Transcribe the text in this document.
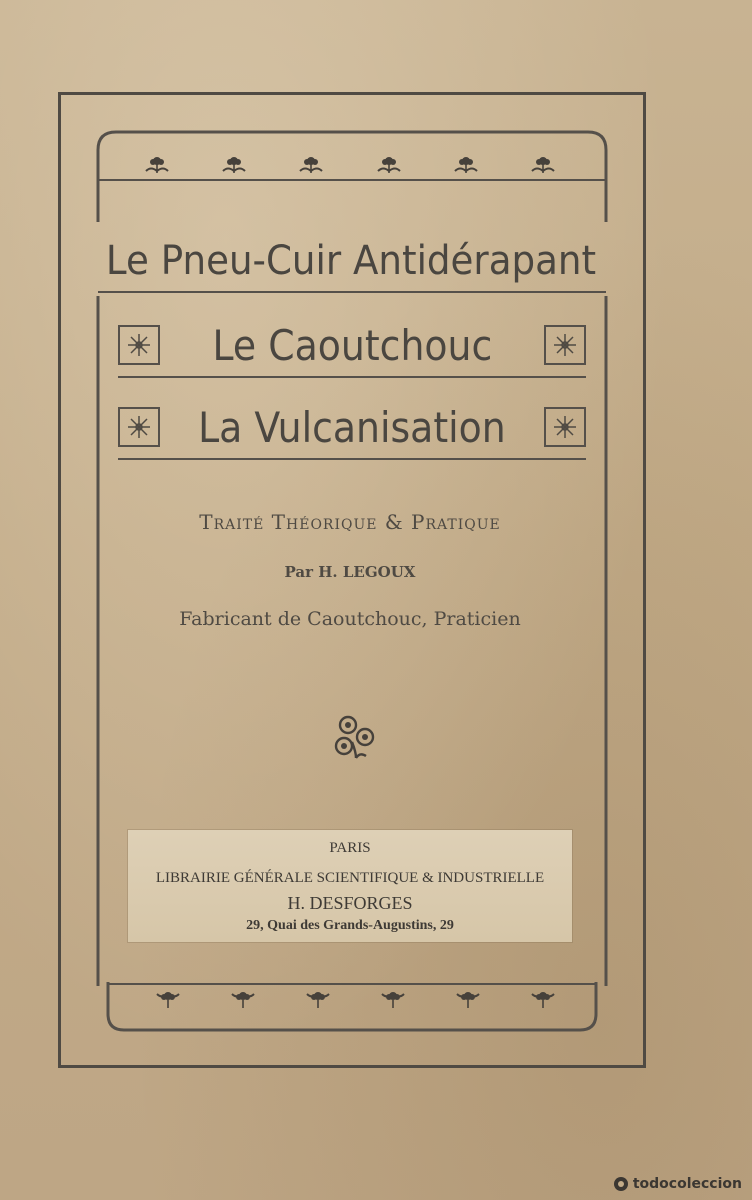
Le Pneu-Cuir Antidérapant
Le Caoutchouc
La Vulcanisation
Traité Théorique & Pratique
Par H. LEGOUX
Fabricant de Caoutchouc, Praticien
PARIS
LIBRAIRIE GÉNÉRALE SCIENTIFIQUE & INDUSTRIELLE
H. DESFORGES
29, Quai des Grands-Augustins, 29
todocoleccion
